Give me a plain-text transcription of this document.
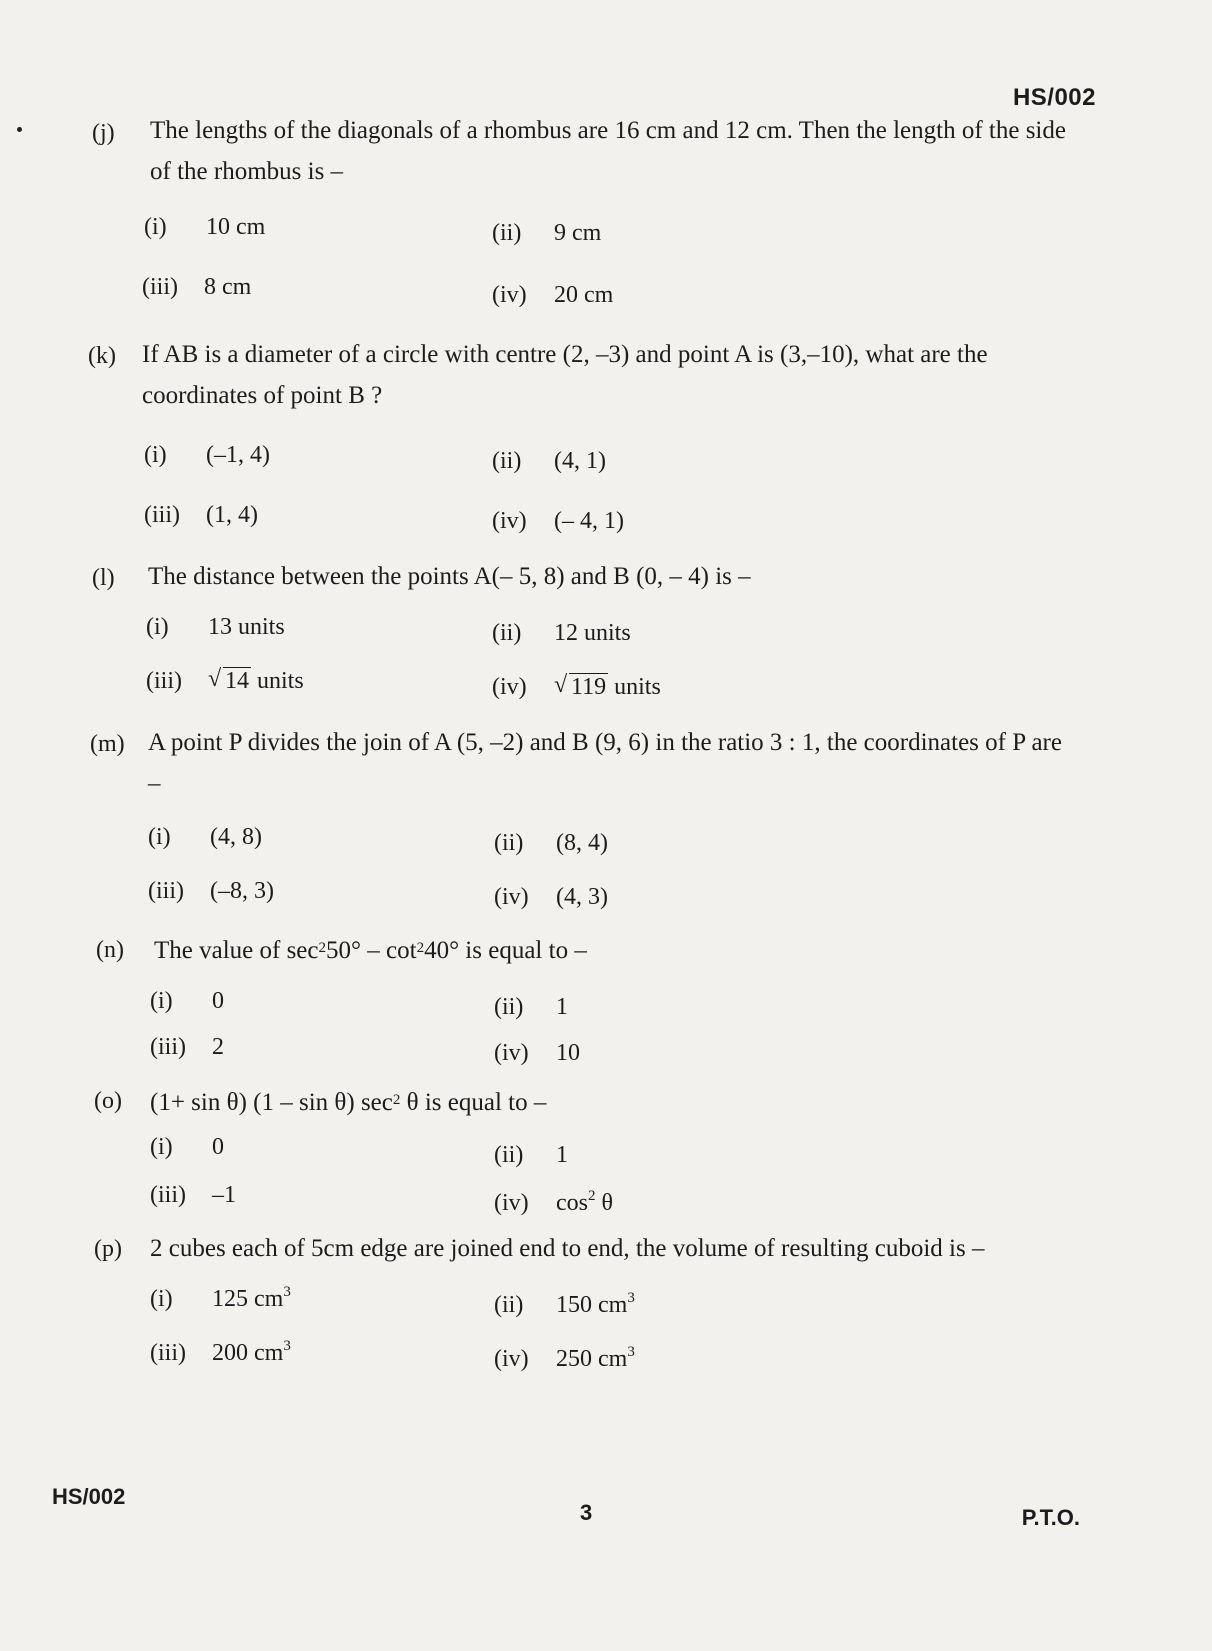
HS/002
(j) The lengths of the diagonals of a rhombus are 16 cm and 12 cm. Then the length of the side of the rhombus is –
(i) 10 cm	(ii) 9 cm
(iii) 8 cm	(iv) 20 cm
(k) If AB is a diameter of a circle with centre (2, –3) and point A is (3,–10), what are the coordinates of point B ?
(i) (–1, 4)	(ii) (4, 1)
(iii) (1, 4)	(iv) (– 4, 1)
(l) The distance between the points A(– 5, 8) and B (0, – 4) is –
(i) 13 units	(ii) 12 units
(iii) √ 14 units	(iv) √ 119 units
(m) A point P divides the join of A (5, –2) and B (9, 6) in the ratio 3 : 1, the coordinates of P are –
(i) (4, 8)	(ii) (8, 4)
(iii) (–8, 3)	(iv) (4, 3)
(n) The value of $\sec^250^\circ - \cot^240^\circ$ is equal to –
(i) 0	(ii) 1
(iii) 2	(iv) 10
(o) (1+ sin θ) (1 – sin θ) $\sec^2 \theta$ is equal to –
(i) 0	(ii) 1
(iii) –1	(iv) $\cos^2 \theta$
(p) 2 cubes each of 5cm edge are joined end to end, the volume of resulting cuboid is –
(i) 125 $cm^3$	(ii) 150 $cm^3$
(iii) 200 $cm^3$	(iv) 250 $cm^3$
HS/002
3	P.T.O.
